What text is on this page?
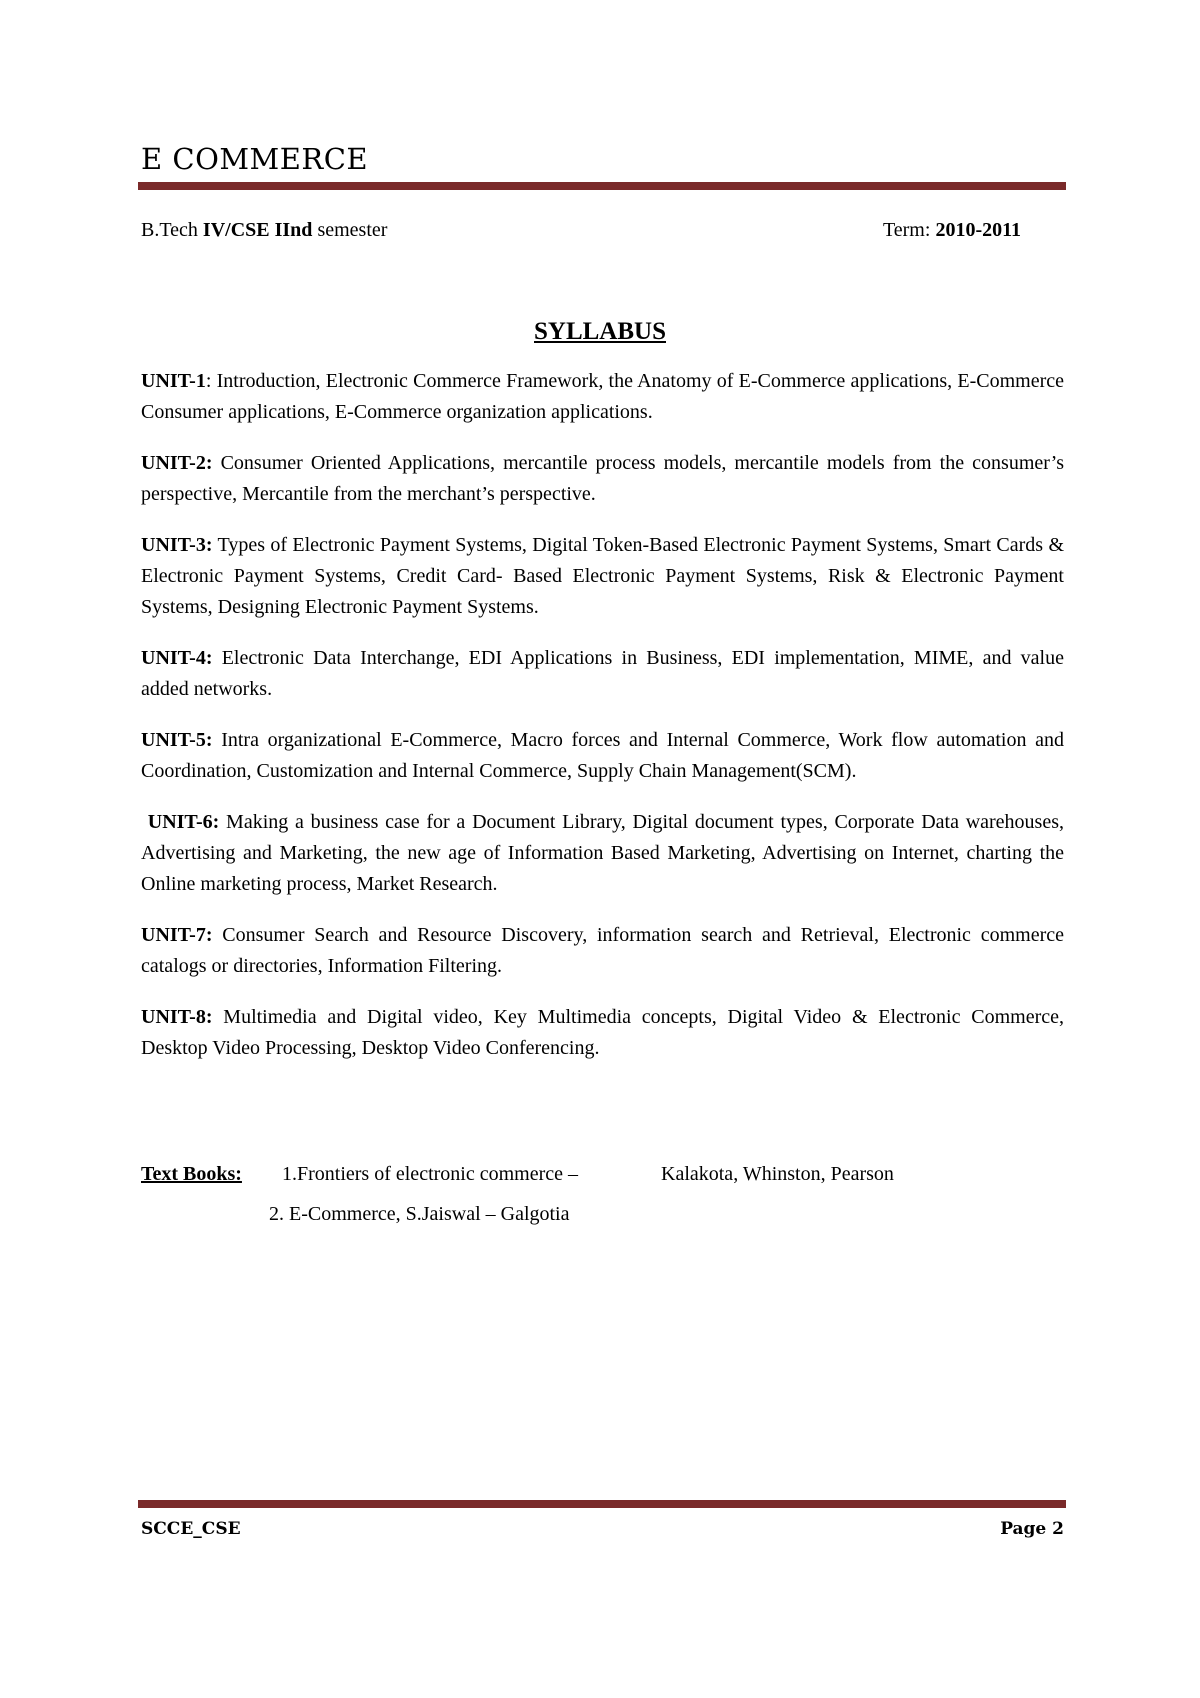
E COMMERCE
B.Tech IV/CSE IInd semester	Term: 2010-2011
SYLLABUS

UNIT-1: Introduction, Electronic Commerce Framework, the Anatomy of E-Commerce applications, E-Commerce Consumer applications, E-Commerce organization applications.

UNIT-2: Consumer Oriented Applications, mercantile process models, mercantile models from the consumer’s perspective, Mercantile from the merchant’s perspective.

UNIT-3: Types of Electronic Payment Systems, Digital Token-Based Electronic Payment Systems, Smart Cards & Electronic Payment Systems, Credit Card- Based Electronic Payment Systems, Risk & Electronic Payment Systems, Designing Electronic Payment Systems.

UNIT-4: Electronic Data Interchange, EDI Applications in Business, EDI implementation, MIME, and value added networks.

UNIT-5: Intra organizational E-Commerce, Macro forces and Internal Commerce, Work flow automation and Coordination, Customization and Internal Commerce, Supply Chain Management(SCM).

UNIT-6: Making a business case for a Document Library, Digital document types, Corporate Data warehouses, Advertising and Marketing, the new age of Information Based Marketing, Advertising on Internet, charting the Online marketing process, Market Research.

UNIT-7: Consumer Search and Resource Discovery, information search and Retrieval, Electronic commerce catalogs or directories, Information Filtering.

UNIT-8: Multimedia and Digital video, Key Multimedia concepts, Digital Video & Electronic Commerce, Desktop Video Processing, Desktop Video Conferencing.

Text Books:	1.Frontiers of electronic commerce –	Kalakota, Whinston, Pearson
2. E-Commerce, S.Jaiswal – Galgotia
SCCE_CSE	Page 2
